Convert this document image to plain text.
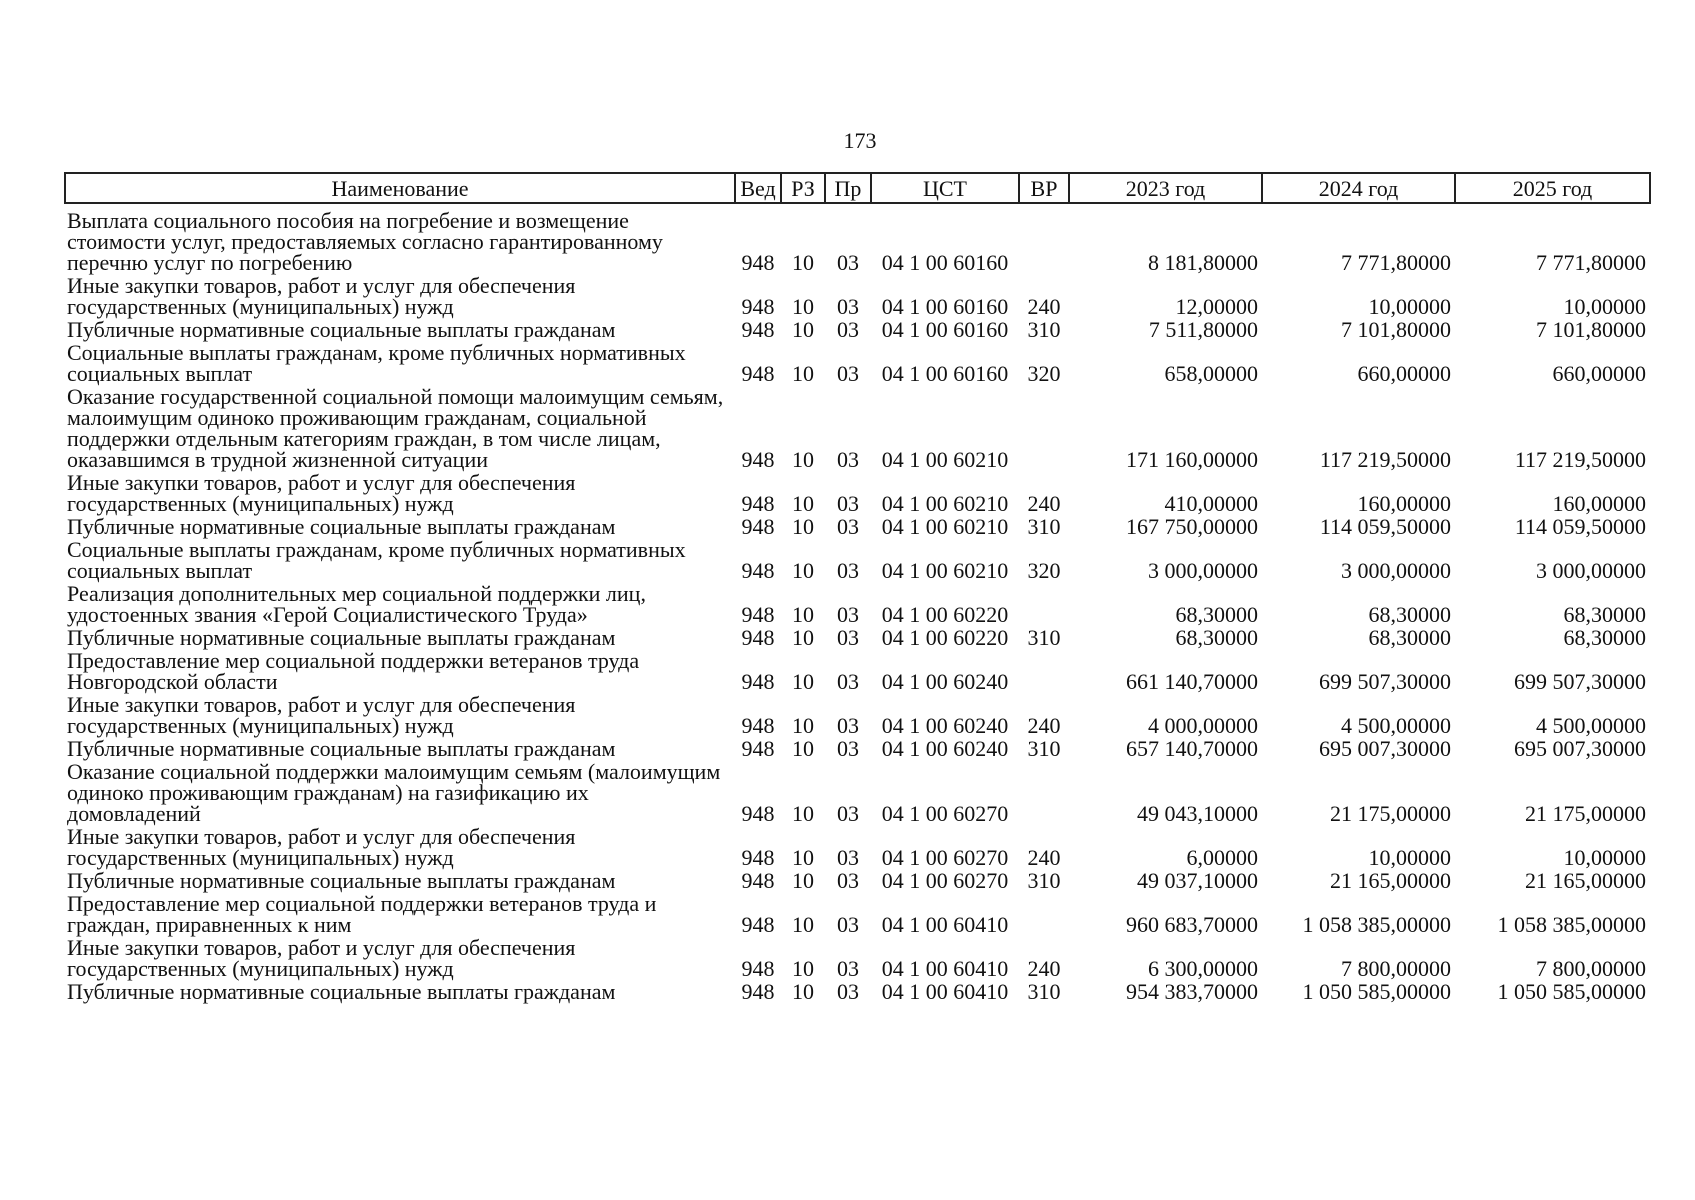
173
Наименование	Вед	РЗ	Пр	ЦСТ	ВР	2023 год	2024 год	2025 год
Выплата социального пособия на погребение и возмещение стоимости услуг, предоставляемых согласно гарантированному перечню услуг по погребению	948	10	03	04 1 00 60160		8 181,80000	7 771,80000	7 771,80000
Иные закупки товаров, работ и услуг для обеспечения государственных (муниципальных) нужд	948	10	03	04 1 00 60160	240	12,00000	10,00000	10,00000
Публичные нормативные социальные выплаты гражданам	948	10	03	04 1 00 60160	310	7 511,80000	7 101,80000	7 101,80000
Социальные выплаты гражданам, кроме публичных нормативных социальных выплат	948	10	03	04 1 00 60160	320	658,00000	660,00000	660,00000
Оказание государственной социальной помощи малоимущим семьям, малоимущим одиноко проживающим гражданам, социальной поддержки отдельным категориям граждан, в том числе лицам, оказавшимся в трудной жизненной ситуации	948	10	03	04 1 00 60210		171 160,00000	117 219,50000	117 219,50000
Иные закупки товаров, работ и услуг для обеспечения государственных (муниципальных) нужд	948	10	03	04 1 00 60210	240	410,00000	160,00000	160,00000
Публичные нормативные социальные выплаты гражданам	948	10	03	04 1 00 60210	310	167 750,00000	114 059,50000	114 059,50000
Социальные выплаты гражданам, кроме публичных нормативных социальных выплат	948	10	03	04 1 00 60210	320	3 000,00000	3 000,00000	3 000,00000
Реализация дополнительных мер социальной поддержки лиц, удостоенных звания «Герой Социалистического Труда»	948	10	03	04 1 00 60220		68,30000	68,30000	68,30000
Публичные нормативные социальные выплаты гражданам	948	10	03	04 1 00 60220	310	68,30000	68,30000	68,30000
Предоставление мер социальной поддержки ветеранов труда Новгородской области	948	10	03	04 1 00 60240		661 140,70000	699 507,30000	699 507,30000
Иные закупки товаров, работ и услуг для обеспечения государственных (муниципальных) нужд	948	10	03	04 1 00 60240	240	4 000,00000	4 500,00000	4 500,00000
Публичные нормативные социальные выплаты гражданам	948	10	03	04 1 00 60240	310	657 140,70000	695 007,30000	695 007,30000
Оказание социальной поддержки малоимущим семьям (малоимущим одиноко проживающим гражданам) на газификацию их домовладений	948	10	03	04 1 00 60270		49 043,10000	21 175,00000	21 175,00000
Иные закупки товаров, работ и услуг для обеспечения государственных (муниципальных) нужд	948	10	03	04 1 00 60270	240	6,00000	10,00000	10,00000
Публичные нормативные социальные выплаты гражданам	948	10	03	04 1 00 60270	310	49 037,10000	21 165,00000	21 165,00000
Предоставление мер социальной поддержки ветеранов труда и граждан, приравненных к ним	948	10	03	04 1 00 60410		960 683,70000	1 058 385,00000	1 058 385,00000
Иные закупки товаров, работ и услуг для обеспечения государственных (муниципальных) нужд	948	10	03	04 1 00 60410	240	6 300,00000	7 800,00000	7 800,00000
Публичные нормативные социальные выплаты гражданам	948	10	03	04 1 00 60410	310	954 383,70000	1 050 585,00000	1 050 585,00000
